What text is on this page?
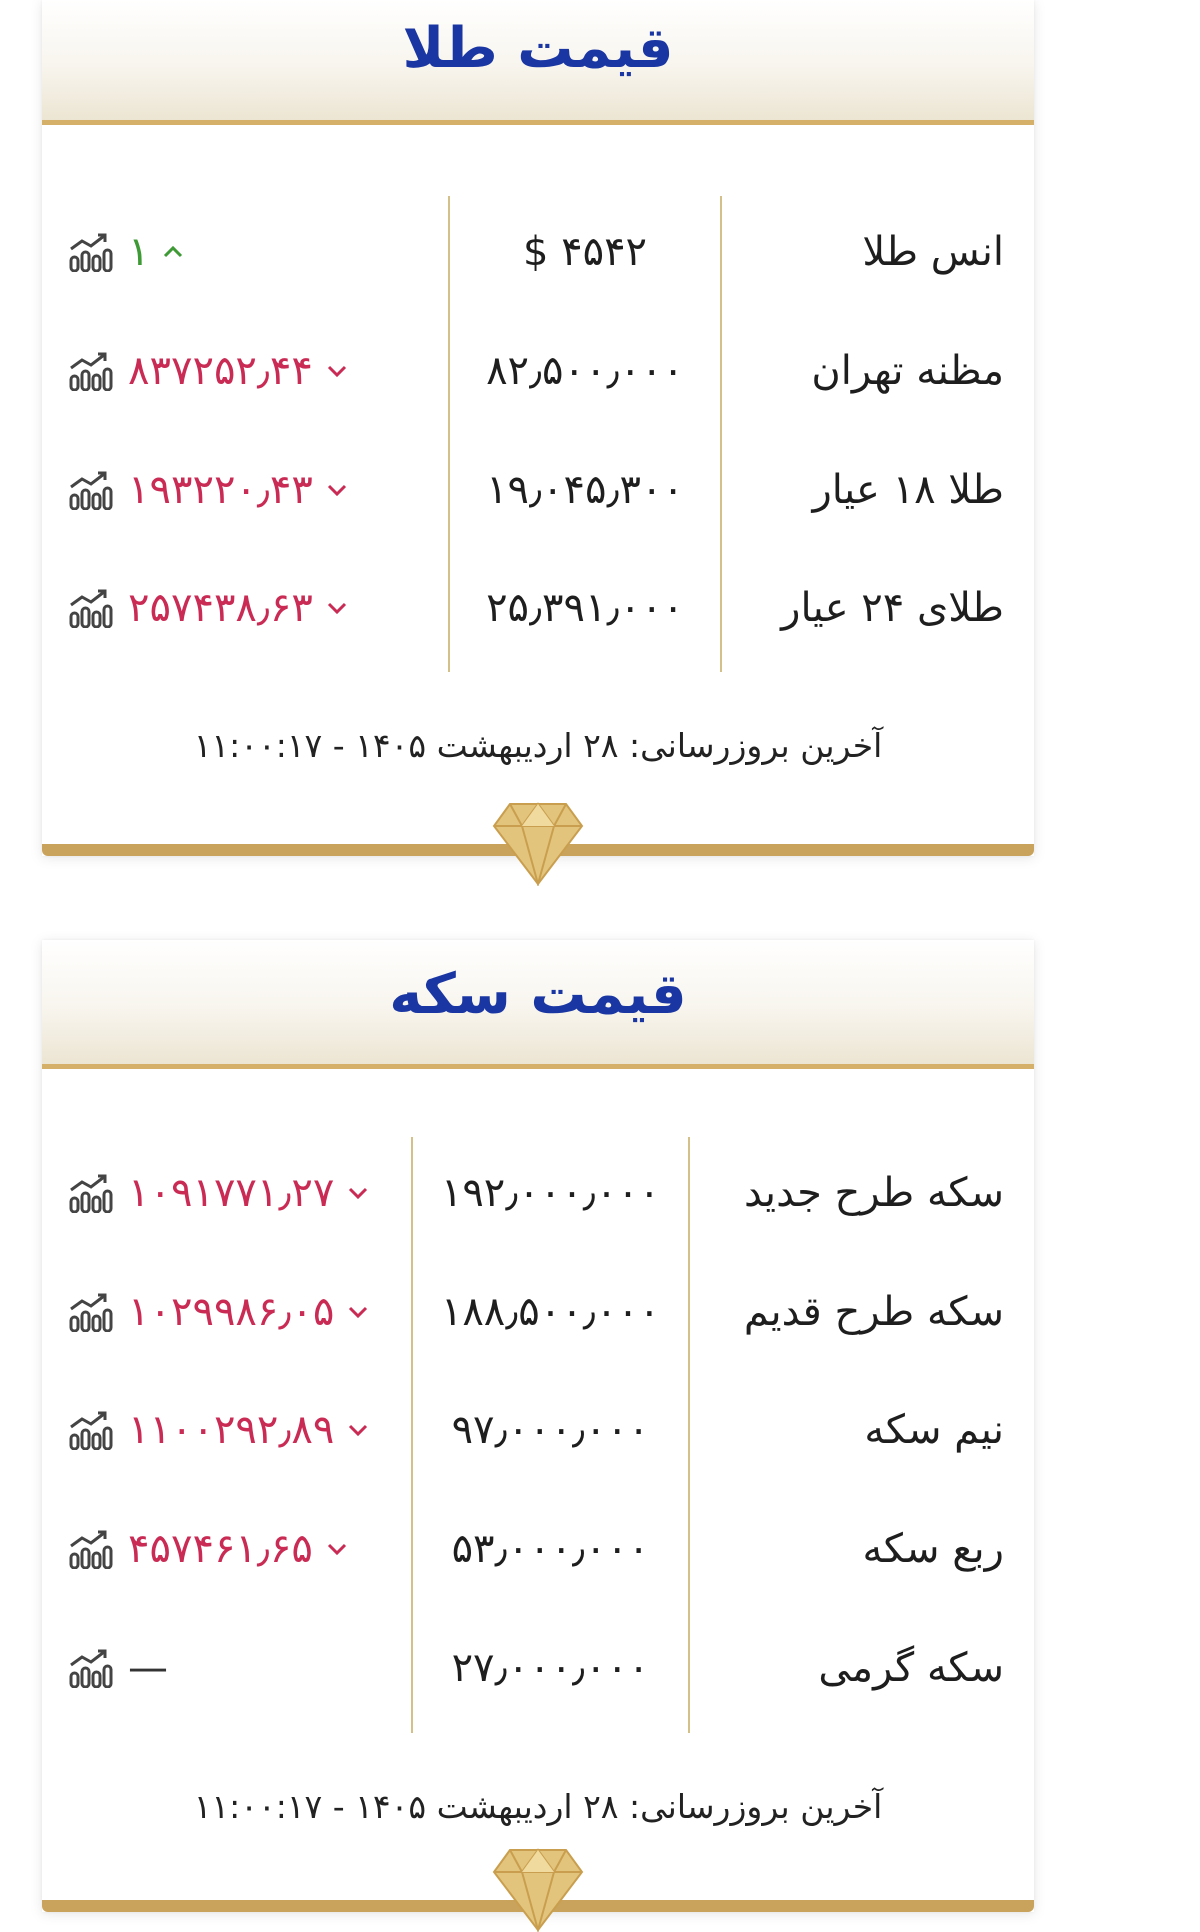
قیمت طلا
انس طلا
$ ۴۵۴۲
۱
مظنه تهران
۸۲٫۵۰۰٫۰۰۰
۸۳۷۲۵۲٫۴۴
طلا ۱۸ عیار
۱۹٫۰۴۵٫۳۰۰
۱۹۳۲۲۰٫۴۳
طلای ۲۴ عیار
۲۵٫۳۹۱٫۰۰۰
۲۵۷۴۳۸٫۶۳
آخرین بروزرسانی: ۲۸ اردیبهشت ۱۴۰۵ - ۱۱:۰۰:۱۷
قیمت سکه
سکه طرح جدید
۱۹۲٫۰۰۰٫۰۰۰
۱۰۹۱۷۷۱٫۲۷
سکه طرح قدیم
۱۸۸٫۵۰۰٫۰۰۰
۱۰۲۹۹۸۶٫۰۵
نیم سکه
۹۷٫۰۰۰٫۰۰۰
۱۱۰۰۲۹۲٫۸۹
ربع سکه
۵۳٫۰۰۰٫۰۰۰
۴۵۷۴۶۱٫۶۵
سکه گرمی
۲۷٫۰۰۰٫۰۰۰
—
آخرین بروزرسانی: ۲۸ اردیبهشت ۱۴۰۵ - ۱۱:۰۰:۱۷
